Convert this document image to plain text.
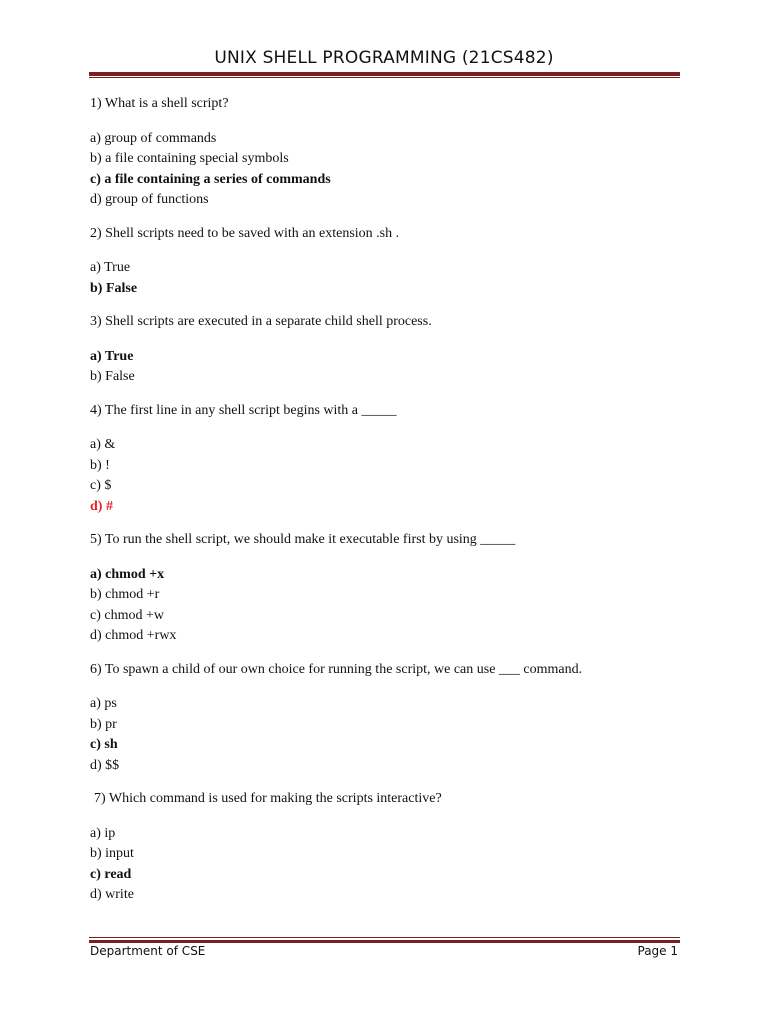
UNIX SHELL PROGRAMMING (21CS482)
1) What is a shell script?
a) group of commands
b) a file containing special symbols
c) a file containing a series of commands
d) group of functions
2) Shell scripts need to be saved with an extension .sh .
a) True
b) False
3) Shell scripts are executed in a separate child shell process.
a) True
b) False
4) The first line in any shell script begins with a _____
a) &
b) !
c) $
d) #
5) To run the shell script, we should make it executable first by using _____
a) chmod +x
b) chmod +r
c) chmod +w
d) chmod +rwx
6) To spawn a child of our own choice for running the script, we can use ___ command.
a) ps
b) pr
c) sh
d) $$
7) Which command is used for making the scripts interactive?
a) ip
b) input
c) read
d) write
Department of CSE	Page 1
